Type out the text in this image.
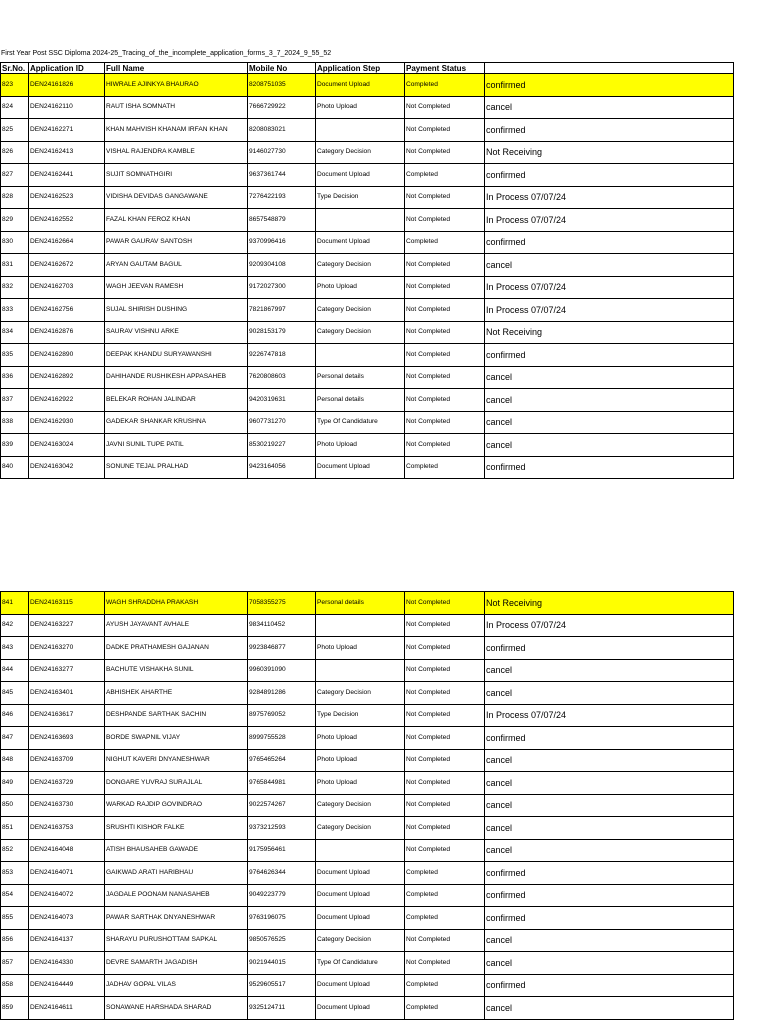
First Year Post SSC Diploma 2024-25_Tracing_of_the_incomplete_application_forms_3_7_2024_9_55_52
Sr.No.	Application ID	Full Name	Mobile No	Application Step	Payment Status	
823	DEN24161826	HIWRALE AJINKYA BHAURAO	8208751035	Document Upload	Completed	confirmed
824	DEN24162110	RAUT ISHA SOMNATH	7666729922	Photo Upload	Not Completed	cancel
825	DEN24162271	KHAN MAHVISH KHANAM IRFAN KHAN	8208083021		Not Completed	confirmed
826	DEN24162413	VISHAL RAJENDRA KAMBLE	9146027730	Category Decision	Not Completed	Not Receiving
827	DEN24162441	SUJIT SOMNATHGIRI	9637361744	Document Upload	Completed	confirmed
828	DEN24162523	VIDISHA DEVIDAS GANGAWANE	7276422193	Type Decision	Not Completed	In Process 07/07/24
829	DEN24162552	FAZAL KHAN FEROZ KHAN	8657548879		Not Completed	In Process 07/07/24
830	DEN24162664	PAWAR GAURAV SANTOSH	9370996416	Document Upload	Completed	confirmed
831	DEN24162672	ARYAN GAUTAM BAGUL	9209304108	Category Decision	Not Completed	cancel
832	DEN24162703	WAGH JEEVAN RAMESH	9172027300	Photo Upload	Not Completed	In Process 07/07/24
833	DEN24162756	SUJAL SHIRISH DUSHING	7821867997	Category Decision	Not Completed	In Process 07/07/24
834	DEN24162876	SAURAV VISHNU ARKE	9028153179	Category Decision	Not Completed	Not Receiving
835	DEN24162890	DEEPAK KHANDU SURYAWANSHI	9226747818		Not Completed	confirmed
836	DEN24162892	DAHIHANDE RUSHIKESH APPASAHEB	7620808603	Personal details	Not Completed	cancel
837	DEN24162922	BELEKAR ROHAN JALINDAR	9420319631	Personal details	Not Completed	cancel
838	DEN24162930	GADEKAR SHANKAR KRUSHNA	9607731270	Type Of Candidature	Not Completed	cancel
839	DEN24163024	JAVNI SUNIL TUPE PATIL	8530219227	Photo Upload	Not Completed	cancel
840	DEN24163042	SONUNE TEJAL PRALHAD	9423164056	Document Upload	Completed	confirmed
841	DEN24163115	WAGH SHRADDHA PRAKASH	7058355275	Personal details	Not Completed	Not Receiving
842	DEN24163227	AYUSH JAYAVANT AVHALE	9834110452		Not Completed	In Process 07/07/24
843	DEN24163270	DADKE PRATHAMESH GAJANAN	9923846877	Photo Upload	Not Completed	confirmed
844	DEN24163277	BACHUTE VISHAKHA SUNIL	9960391090		Not Completed	cancel
845	DEN24163401	ABHISHEK AHARTHE	9284891286	Category Decision	Not Completed	cancel
846	DEN24163617	DESHPANDE SARTHAK SACHIN	8975769052	Type Decision	Not Completed	In Process 07/07/24
847	DEN24163693	BORDE SWAPNIL VIJAY	8999755528	Photo Upload	Not Completed	confirmed
848	DEN24163709	NIGHUT KAVERI DNYANESHWAR	9765465264	Photo Upload	Not Completed	cancel
849	DEN24163729	DONGARE YUVRAJ SURAJLAL	9765844981	Photo Upload	Not Completed	cancel
850	DEN24163730	WARKAD RAJDIP GOVINDRAO	9022574267	Category Decision	Not Completed	cancel
851	DEN24163753	SRUSHTI KISHOR FALKE	9373212593	Category Decision	Not Completed	cancel
852	DEN24164048	ATISH BHAUSAHEB GAWADE	9175956461		Not Completed	cancel
853	DEN24164071	GAIKWAD ARATI HARIBHAU	9764626344	Document Upload	Completed	confirmed
854	DEN24164072	JAGDALE POONAM NANASAHEB	9049223779	Document Upload	Completed	confirmed
855	DEN24164073	PAWAR SARTHAK DNYANESHWAR	9763196075	Document Upload	Completed	confirmed
856	DEN24164137	SHARAYU PURUSHOTTAM SAPKAL	9850576525	Category Decision	Not Completed	cancel
857	DEN24164330	DEVRE SAMARTH JAGADISH	9021944015	Type Of Candidature	Not Completed	cancel
858	DEN24164449	JADHAV GOPAL VILAS	9529605517	Document Upload	Completed	confirmed
859	DEN24164611	SONAWANE HARSHADA SHARAD	9325124711	Document Upload	Completed	cancel
